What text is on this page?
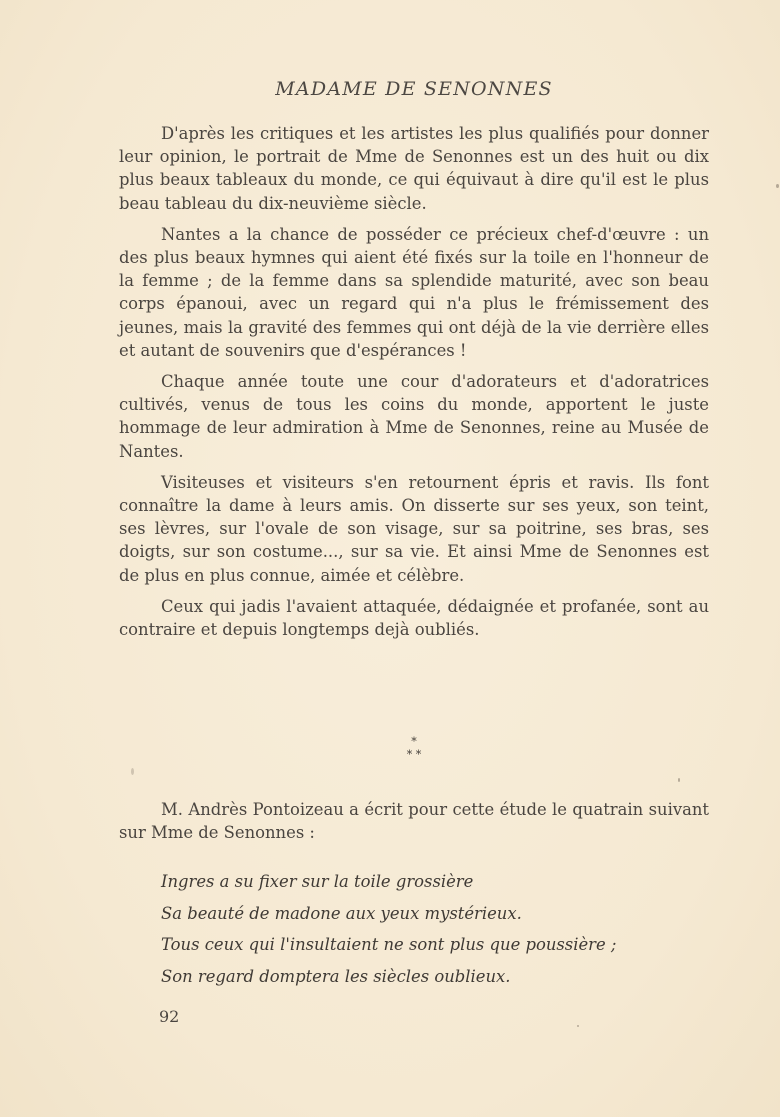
MADAME DE SENONNES

D'après les critiques et les artistes les plus qualifiés pour donner leur opinion, le portrait de Mme de Senonnes est un des huit ou dix plus beaux tableaux du monde, ce qui équivaut à dire qu'il est le plus beau tableau du dix-neuvième siècle.

Nantes a la chance de posséder ce précieux chef-d'œuvre : un des plus beaux hymnes qui aient été fixés sur la toile en l'honneur de la femme ; de la femme dans sa splendide maturité, avec son beau corps épanoui, avec un regard qui n'a plus le frémissement des jeunes, mais la gravité des femmes qui ont déjà de la vie derrière elles et autant de souvenirs que d'espérances !

Chaque année toute une cour d'adorateurs et d'adoratrices cultivés, venus de tous les coins du monde, apportent le juste hommage de leur admiration à Mme de Senonnes, reine au Musée de Nantes.

Visiteuses et visiteurs s'en retournent épris et ravis. Ils font connaître la dame à leurs amis. On disserte sur ses yeux, son teint, ses lèvres, sur l'ovale de son visage, sur sa poitrine, ses bras, ses doigts, sur son costume..., sur sa vie. Et ainsi Mme de Senonnes est de plus en plus connue, aimée et célèbre.

Ceux qui jadis l'avaient attaquée, dédaignée et profanée, sont au contraire et depuis longtemps dejà oubliés.

*
* *

M. Andrès Pontoizeau a écrit pour cette étude le quatrain suivant sur Mme de Senonnes :

Ingres a su fixer sur la toile grossière
Sa beauté de madone aux yeux mystérieux.
Tous ceux qui l'insultaient ne sont plus que poussière ;
Son regard domptera les siècles oublieux.
92
